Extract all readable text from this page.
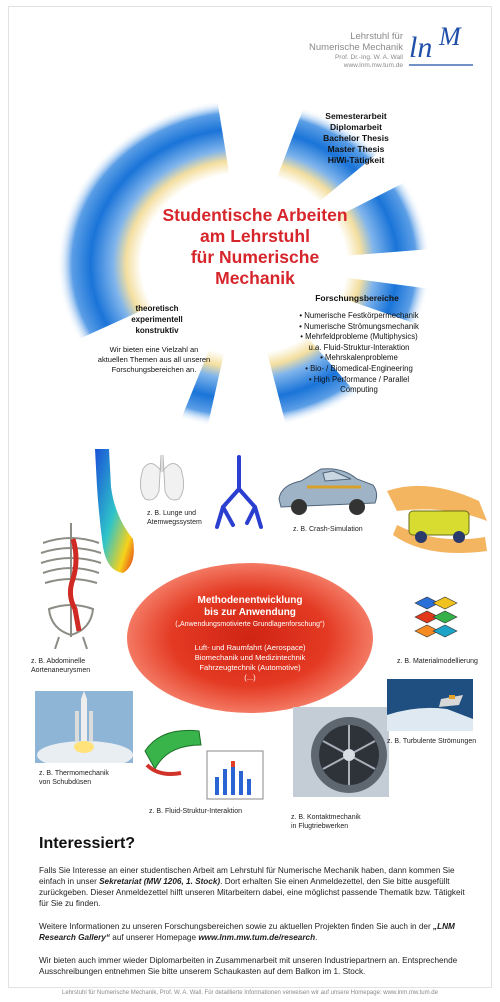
Lehrstuhl für
Numerische Mechanik
Prof. Dr.-Ing. W. A. Wall
www.lnm.mw.tum.de
ln M
Semesterarbeit
Diplomarbeit
Bachelor Thesis
Master Thesis
HiWi-Tätigkeit
Studentische Arbeiten
am Lehrstuhl
für Numerische
Mechanik
theoretisch
experimentell
konstruktiv
Wir bieten eine Vielzahl an
aktuellen Themen aus all unseren
Forschungsbereichen an.
Forschungsbereiche
• Numerische Festkörpermechanik
• Numerische Strömungsmechanik
• Mehrfeldprobleme (Multiphysics)
u.a. Fluid-Struktur-Interaktion
• Mehrskalenprobleme
• Bio- / Biomedical-Engineering
• High Performance / Parallel
Computing
z. B. Lunge und
Atemwegssystem
z. B. Crash-Simulation
z. B. Abdominelle
Aortenaneurysmen
Methodenentwicklung
bis zur Anwendung
(„Anwendungsmotivierte Grundlagenforschung“)
Luft- und Raumfahrt (Aerospace)
Biomechanik und Medizintechnik
Fahrzeugtechnik (Automotive)
(...)
z. B. Materialmodellierung
z. B. Thermomechanik
von Schubdüsen
z. B. Fluid-Struktur-Interaktion
z. B. Kontaktmechanik
in Flugtriebwerken
z. B. Turbulente Strömungen
Interessiert?

Falls Sie Interesse an einer studentischen Arbeit am Lehrstuhl für Numerische Mechanik haben, dann kommen Sie einfach in unser Sekretariat (MW 1206, 1. Stock). Dort erhalten Sie einen Anmeldezettel, den Sie bitte ausgefüllt zurückgeben. Dieser Anmeldezettel hilft unseren Mitarbeitern dabei, eine möglichst passende Thematik bzw. Tätigkeit für Sie zu finden.

Weitere Informationen zu unseren Forschungsbereichen sowie zu aktuellen Projekten finden Sie auch in der „LNM Research Gallery“ auf unserer Homepage www.lnm.mw.tum.de/research.

Wir bieten auch immer wieder Diplomarbeiten in Zusammenarbeit mit unseren Industriepartnern an. Entsprechende Ausschreibungen entnehmen Sie bitte unserem Schaukasten auf dem Balkon im 1. Stock.

Lehrstuhl für Numerische Mechanik, Prof. W. A. Wall. Für detaillierte Informationen verweisen wir auf unsere Homepage: www.lnm.mw.tum.de
